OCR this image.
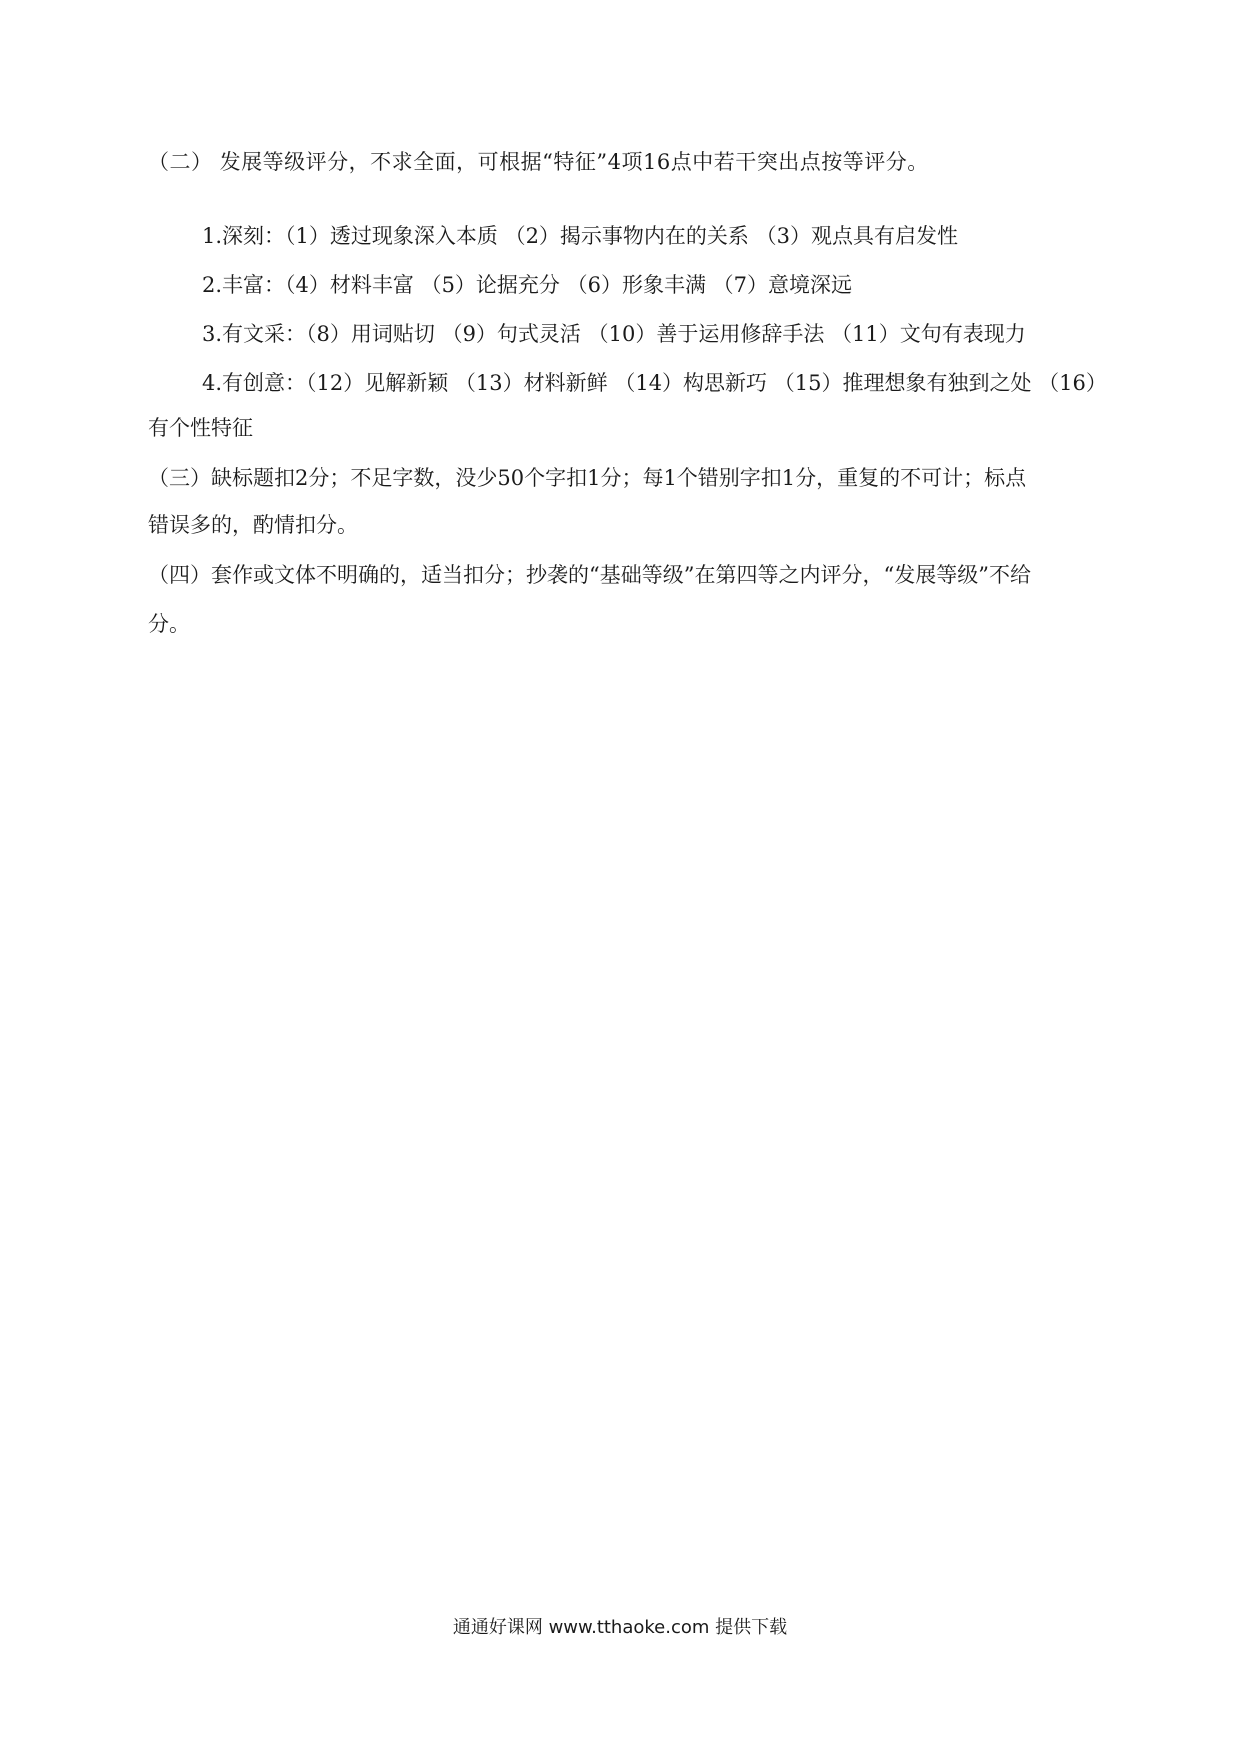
（二） 发展等级评分，不求全面，可根据“特征”4项16点中若干突出点按等评分。
1.深刻：（1）透过现象深入本质 （2）揭示事物内在的关系 （3）观点具有启发性
2.丰富：（4）材料丰富 （5）论据充分 （6）形象丰满 （7）意境深远
3.有文采：（8）用词贴切 （9）句式灵活 （10）善于运用修辞手法 （11）文句有表现力
4.有创意：（12）见解新颖 （13）材料新鲜 （14）构思新巧 （15）推理想象有独到之处 （16）
有个性特征
（三）缺标题扣2分；不足字数，没少50个字扣1分；每1个错别字扣1分，重复的不可计；标点
错误多的，酌情扣分。
（四）套作或文体不明确的，适当扣分；抄袭的“基础等级”在第四等之内评分，“发展等级”不给
分。
通通好课网 www.tthaoke.com 提供下载
